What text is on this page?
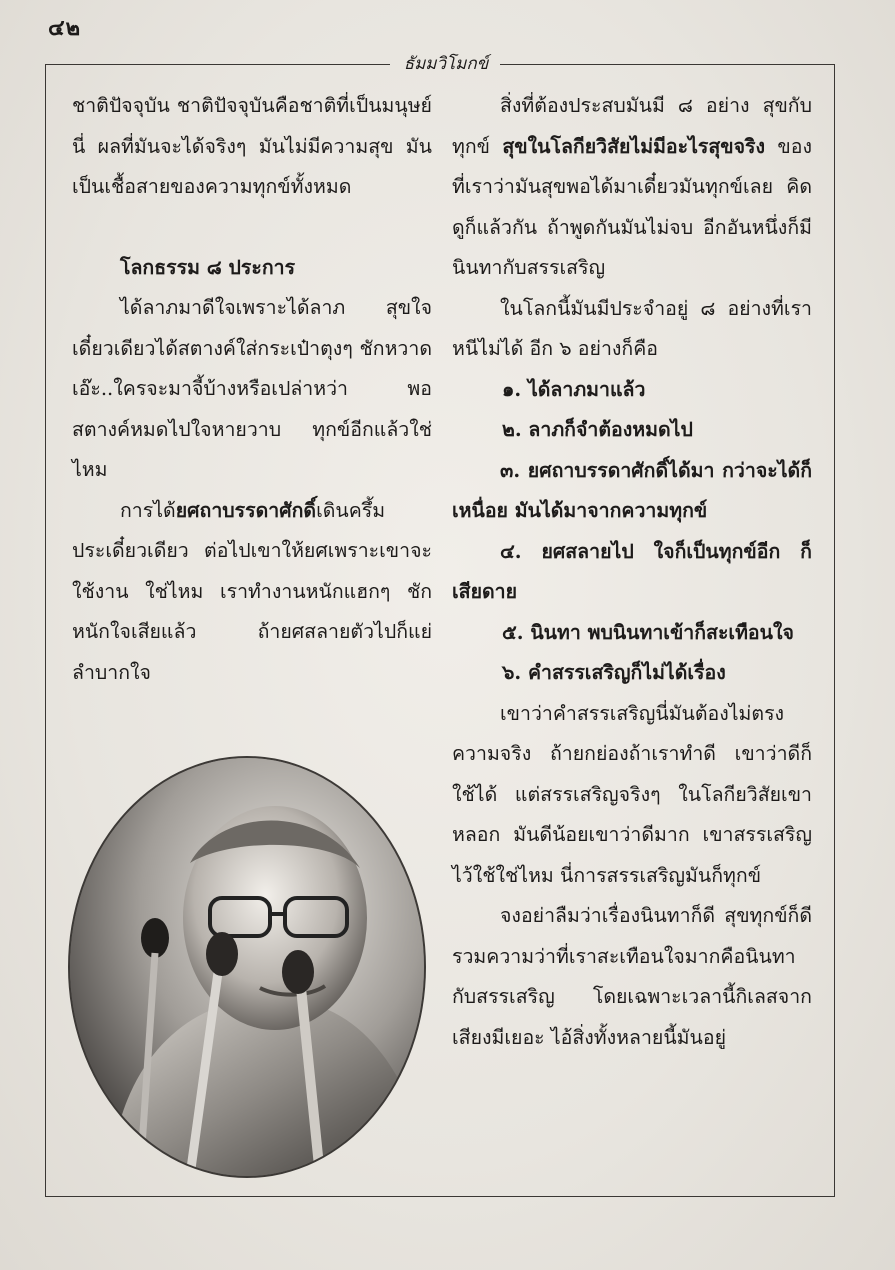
๔๒
ธัมมวิโมกข์

ชาติปัจจุบัน ชาติปัจจุบันคือชาติที่เป็นมนุษย์นี่ ผลที่มันจะได้จริงๆ มันไม่มีความสุข มันเป็นเชื้อสายของความทุกข์ทั้งหมด

โลกธรรม ๘ ประการ

ได้ลาภมาดีใจเพราะได้ลาภ สุขใจเดี๋ยวเดียวได้สตางค์ใส่กระเป๋าตุงๆ ชักหวาด เอ๊ะ..ใครจะมาจี้บ้างหรือเปล่าหว่า พอสตางค์หมดไปใจหายวาบ ทุกข์อีกแล้วใช่ไหม

การได้ยศถาบรรดาศักดิ์เดินครึ้มประเดี๋ยวเดียว ต่อไปเขาให้ยศเพราะเขาจะใช้งาน ใช่ไหม เราทำงานหนักแฮกๆ ชักหนักใจเสียแล้ว ถ้ายศสลายตัวไปก็แย่ลำบากใจ

สิ่งที่ต้องประสบมันมี ๘ อย่าง สุขกับทุกข์ สุขในโลกียวิสัยไม่มีอะไรสุขจริง ของที่เราว่ามันสุขพอได้มาเดี๋ยวมันทุกข์เลย คิดดูก็แล้วกัน ถ้าพูดกันมันไม่จบ อีกอันหนึ่งก็มีนินทากับสรรเสริญ

ในโลกนี้มันมีประจำอยู่ ๘ อย่างที่เราหนีไม่ได้ อีก ๖ อย่างก็คือ

๑. ได้ลาภมาแล้ว

๒. ลาภก็จำต้องหมดไป

๓. ยศถาบรรดาศักดิ์ได้มา กว่าจะได้ก็เหนื่อย มันได้มาจากความทุกข์

๔. ยศสลายไป ใจก็เป็นทุกข์อีก ก็เสียดาย

๕. นินทา พบนินทาเข้าก็สะเทือนใจ

๖. คำสรรเสริญก็ไม่ได้เรื่อง

เขาว่าคำสรรเสริญนี่มันต้องไม่ตรงความจริง ถ้ายกย่องถ้าเราทำดี เขาว่าดีก็ใช้ได้ แต่สรรเสริญจริงๆ ในโลกียวิสัยเขาหลอก มันดีน้อยเขาว่าดีมาก เขาสรรเสริญไว้ใช้ใช่ไหม นี่การสรรเสริญมันก็ทุกข์

จงอย่าลืมว่าเรื่องนินทาก็ดี สุขทุกข์ก็ดี รวมความว่าที่เราสะเทือนใจมากคือนินทากับสรรเสริญ โดยเฉพาะเวลานี้กิเลสจากเสียงมีเยอะ ไอ้สิ่งทั้งหลายนี้มันอยู่
